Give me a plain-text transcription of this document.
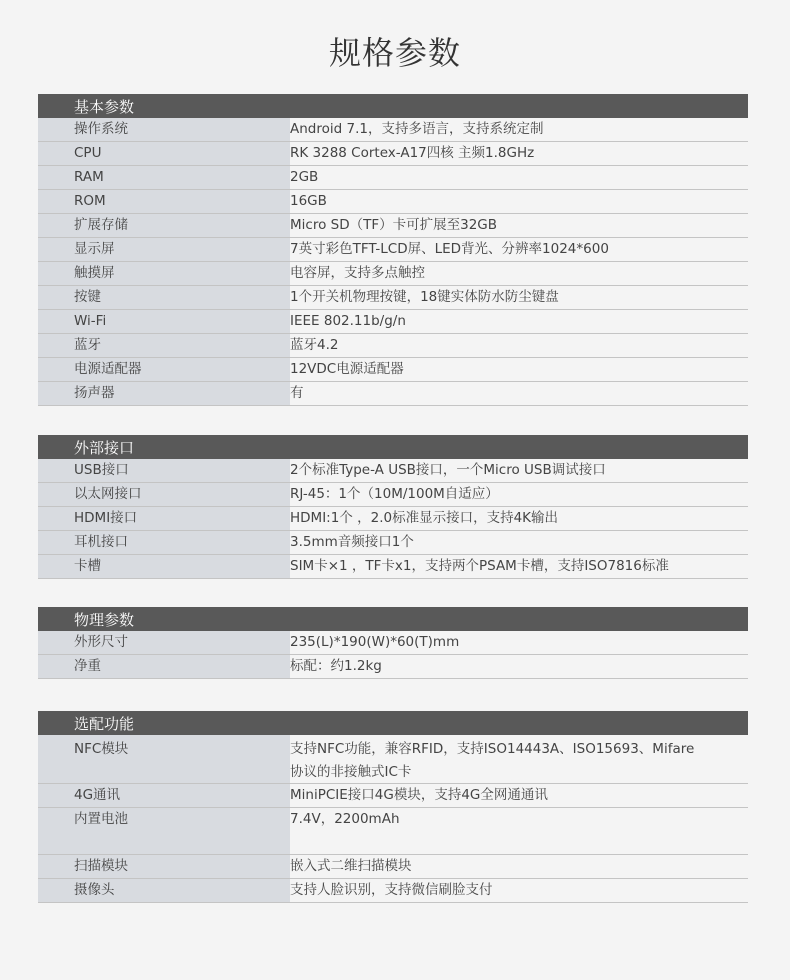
规格参数
基本参数
操作系统	Android 7.1，支持多语言，支持系统定制
CPU	RK 3288 Cortex-A17四核 主频1.8GHz
RAM	2GB
ROM	16GB
扩展存储	Micro SD（TF）卡可扩展至32GB
显示屏	7英寸彩色TFT-LCD屏、LED背光、分辨率1024*600
触摸屏	电容屏，支持多点触控
按键	1个开关机物理按键，18键实体防水防尘键盘
Wi-Fi	IEEE 802.11b/g/n
蓝牙	蓝牙4.2
电源适配器	12VDC电源适配器
扬声器	有
外部接口
USB接口	2个标准Type-A USB接口，一个Micro USB调试接口
以太网接口	RJ-45：1个（10M/100M自适应）
HDMI接口	HDMI:1个 ，2.0标准显示接口，支持4K输出
耳机接口	3.5mm音频接口1个
卡槽	SIM卡×1 ，TF卡x1，支持两个PSAM卡槽，支持ISO7816标准
物理参数
外形尺寸	235(L)*190(W)*60(T)mm
净重	标配：约1.2kg
选配功能
NFC模块	支持NFC功能，兼容RFID，支持ISO14443A、ISO15693、Mifare
协议的非接触式IC卡
4G通讯	MiniPCIE接口4G模块，支持4G全网通通讯
内置电池	7.4V，2200mAh
扫描模块	嵌入式二维扫描模块
摄像头	支持人脸识别，支持微信刷脸支付
